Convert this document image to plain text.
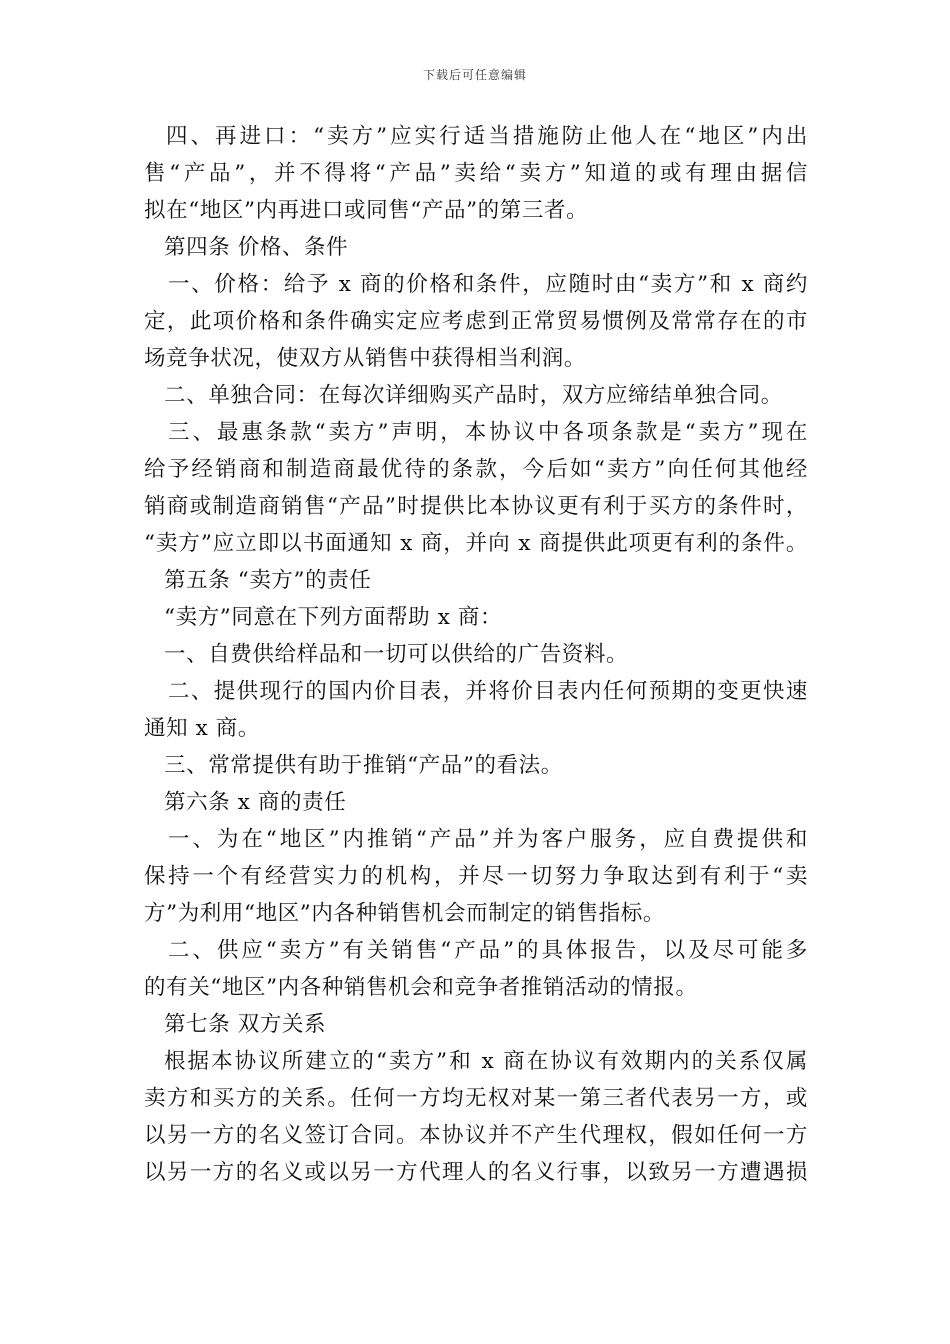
下载后可任意编辑
四、再进口：“卖方”应实行适当措施防止他人在“地区”内出
售“产品”，并不得将“产品”卖给“卖方”知道的或有理由据信
拟在“地区”内再进口或同售“产品”的第三者。
第四条 价格、条件
一、价格：给予 x 商的价格和条件，应随时由“卖方”和 x 商约
定，此项价格和条件确实定应考虑到正常贸易惯例及常常存在的市
场竞争状况，使双方从销售中获得相当利润。
二、单独合同：在每次详细购买产品时，双方应缔结单独合同。
三、最惠条款“卖方”声明，本协议中各项条款是“卖方”现在
给予经销商和制造商最优待的条款，今后如“卖方”向任何其他经
销商或制造商销售“产品”时提供比本协议更有利于买方的条件时，
“卖方”应立即以书面通知 x 商，并向 x 商提供此项更有利的条件。
第五条 “卖方”的责任
“卖方”同意在下列方面帮助 x 商：
一、自费供给样品和一切可以供给的广告资料。
二、提供现行的国内价目表，并将价目表内任何预期的变更快速
通知 x 商。
三、常常提供有助于推销“产品”的看法。
第六条 x 商的责任
一、为在“地区”内推销“产品”并为客户服务，应自费提供和
保持一个有经营实力的机构，并尽一切努力争取达到有利于“卖
方”为利用“地区”内各种销售机会而制定的销售指标。
二、供应“卖方”有关销售“产品”的具体报告，以及尽可能多
的有关“地区”内各种销售机会和竞争者推销活动的情报。
第七条 双方关系
根据本协议所建立的“卖方”和 x 商在协议有效期内的关系仅属
卖方和买方的关系。任何一方均无权对某一第三者代表另一方，或
以另一方的名义签订合同。本协议并不产生代理权，假如任何一方
以另一方的名义或以另一方代理人的名义行事，以致另一方遭遇损
